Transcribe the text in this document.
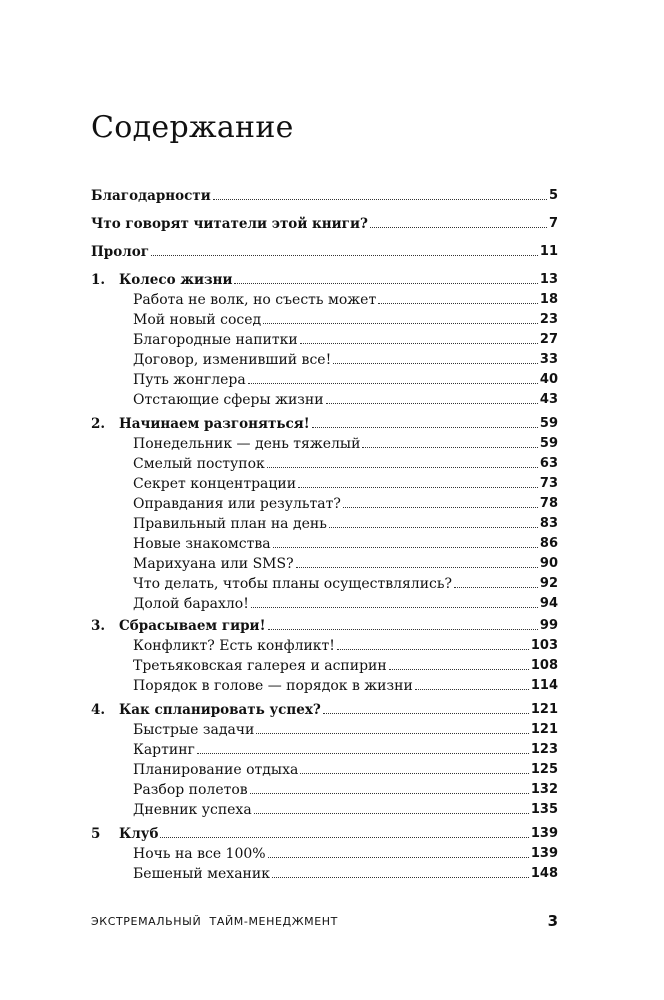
Содержание
Благодарности	5
Что говорят читатели этой книги?	7
Пролог	11
1. Колесо жизни	13
Работа не волк, но съесть может	18
Мой новый сосед	23
Благородные напитки	27
Договор, изменивший все!	33
Путь жонглера	40
Отстающие сферы жизни	43
2. Начинаем разгоняться!	59
Понедельник — день тяжелый	59
Смелый поступок	63
Секрет концентрации	73
Оправдания или результат?	78
Правильный план на день	83
Новые знакомства	86
Марихуана или SMS?	90
Что делать, чтобы планы осуществлялись?	92
Долой барахло!	94
3. Сбрасываем гири!	99
Конфликт? Есть конфликт!	103
Третьяковская галерея и аспирин	108
Порядок в голове — порядок в жизни	114
4. Как спланировать успех?	121
Быстрые задачи	121
Картинг	123
Планирование отдыха	125
Разбор полетов	132
Дневник успеха	135
5 Клуб	139
Ночь на все 100%	139
Бешеный механик	148
ЭКСТРЕМАЛЬНЫЙ  ТАЙМ-МЕНЕДЖМЕНТ	3
